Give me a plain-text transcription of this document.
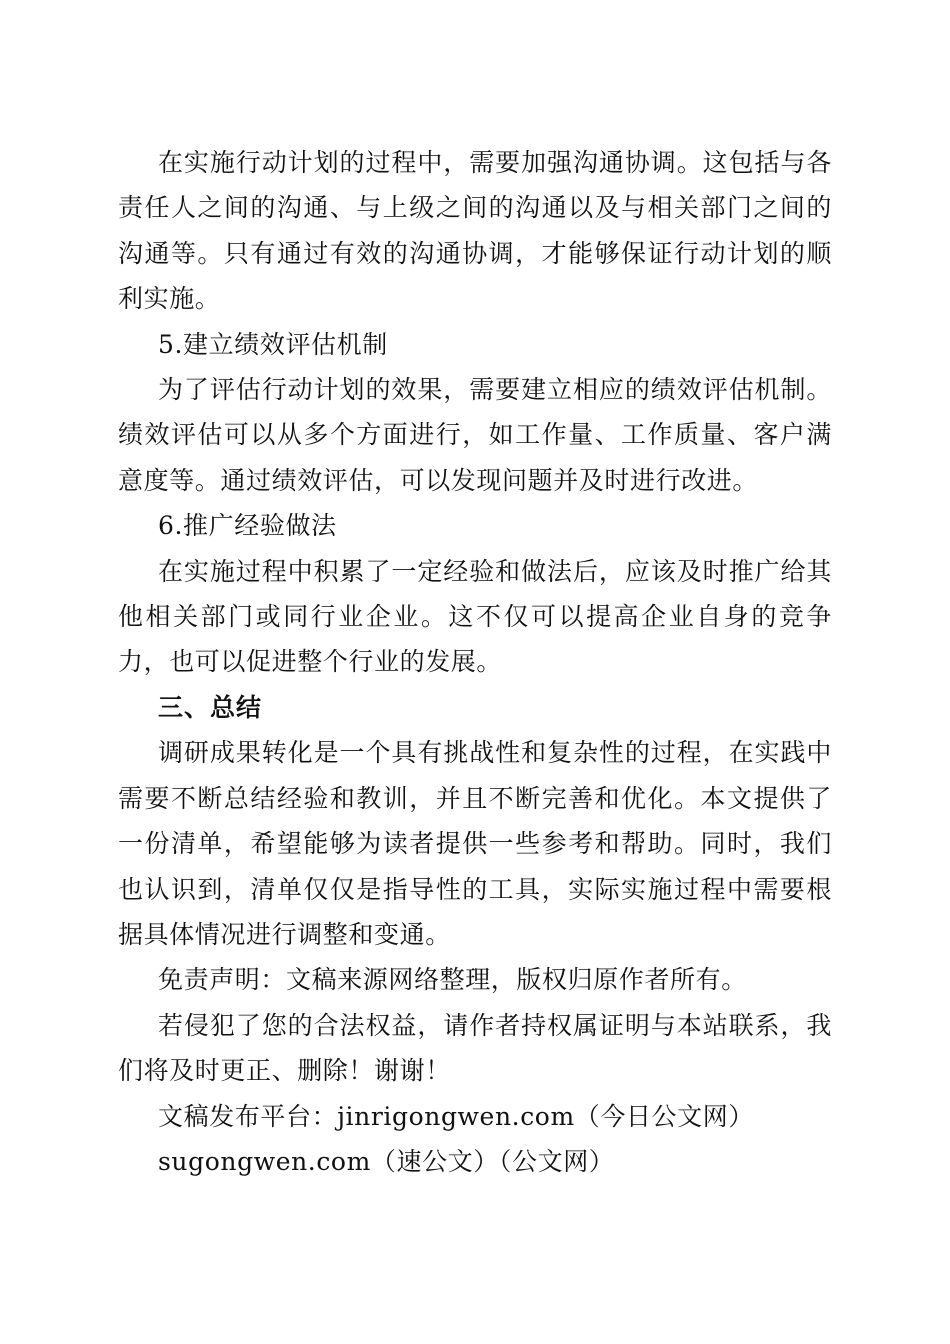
在实施行动计划的过程中，需要加强沟通协调。这包括与各责任人之间的沟通、与上级之间的沟通以及与相关部门之间的沟通等。只有通过有效的沟通协调，才能够保证行动计划的顺利实施。

5.建立绩效评估机制

为了评估行动计划的效果，需要建立相应的绩效评估机制。绩效评估可以从多个方面进行，如工作量、工作质量、客户满意度等。通过绩效评估，可以发现问题并及时进行改进。

6.推广经验做法

在实施过程中积累了一定经验和做法后，应该及时推广给其他相关部门或同行业企业。这不仅可以提高企业自身的竞争力，也可以促进整个行业的发展。

三、总结

调研成果转化是一个具有挑战性和复杂性的过程，在实践中需要不断总结经验和教训，并且不断完善和优化。本文提供了一份清单，希望能够为读者提供一些参考和帮助。同时，我们也认识到，清单仅仅是指导性的工具，实际实施过程中需要根据具体情况进行调整和变通。

免责声明：文稿来源网络整理，版权归原作者所有。

若侵犯了您的合法权益，请作者持权属证明与本站联系，我们将及时更正、删除！谢谢！

文稿发布平台：jinrigongwen.com（今日公文网）

sugongwen.com（速公文）（公文网）
